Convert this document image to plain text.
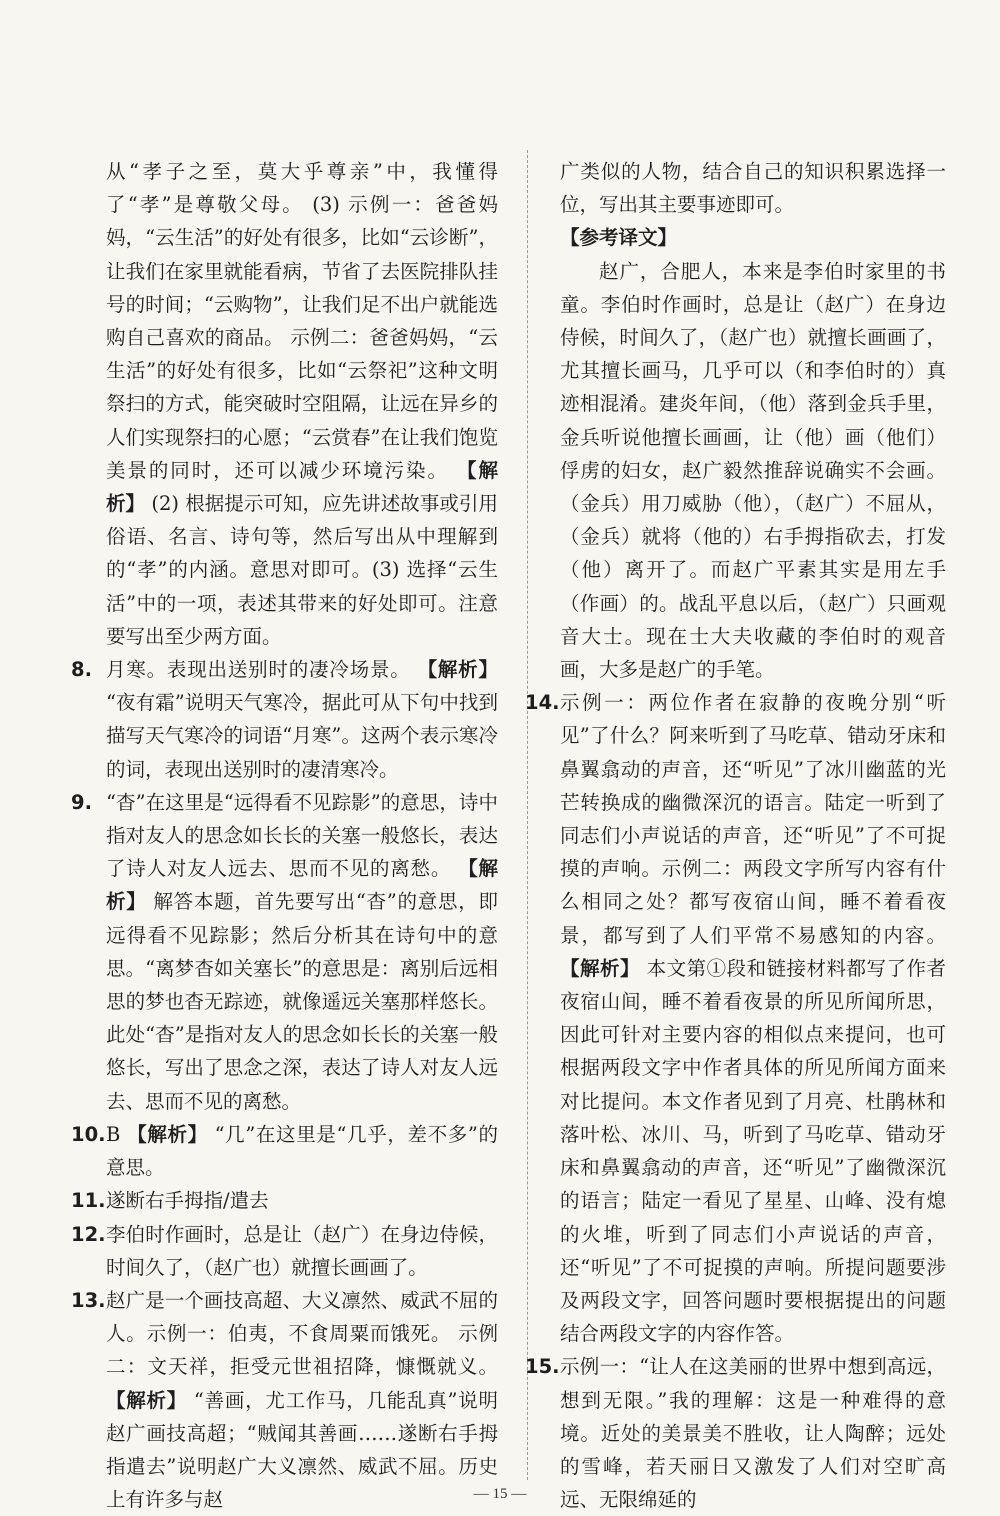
从“孝子之至，莫大乎尊亲”中，我懂得了“孝”是尊敬父母。 (3) 示例一：爸爸妈妈，“云生活”的好处有很多，比如“云诊断”，让我们在家里就能看病，节省了去医院排队挂号的时间；“云购物”，让我们足不出户就能选购自己喜欢的商品。 示例二：爸爸妈妈，“云生活”的好处有很多，比如“云祭祀”这种文明祭扫的方式，能突破时空阻隔，让远在异乡的人们实现祭扫的心愿；“云赏春”在让我们饱览美景的同时，还可以减少环境污染。 【解析】 (2) 根据提示可知，应先讲述故事或引用俗语、名言、诗句等，然后写出从中理解到的“孝”的内涵。意思对即可。(3) 选择“云生活”中的一项，表述其带来的好处即可。注意要写出至少两方面。

8. 月寒。表现出送别时的凄冷场景。 【解析】 “夜有霜”说明天气寒冷，据此可从下句中找到描写天气寒冷的词语“月寒”。这两个表示寒冷的词，表现出送别时的凄清寒冷。
9. “杳”在这里是“远得看不见踪影”的意思，诗中指对友人的思念如长长的关塞一般悠长，表达了诗人对友人远去、思而不见的离愁。 【解析】 解答本题，首先要写出“杳”的意思，即远得看不见踪影；然后分析其在诗句中的意思。“离梦杳如关塞长”的意思是：离别后远相思的梦也杳无踪迹，就像遥远关塞那样悠长。此处“杳”是指对友人的思念如长长的关塞一般悠长，写出了思念之深，表达了诗人对友人远去、思而不见的离愁。
10. B 【解析】 “几”在这里是“几乎，差不多”的意思。
11. 遂断右手拇指/遣去
12. 李伯时作画时，总是让（赵广）在身边侍候，时间久了，（赵广也）就擅长画画了。
13. 赵广是一个画技高超、大义凛然、威武不屈的人。示例一：伯夷，不食周粟而饿死。 示例二：文天祥，拒受元世祖招降，慷慨就义。 【解析】 “善画，尤工作马，几能乱真”说明赵广画技高超；“贼闻其善画……遂断右手拇指遣去”说明赵广大义凛然、威武不屈。历史上有许多与赵

广类似的人物，结合自己的知识积累选择一位，写出其主要事迹即可。

【参考译文】

赵广，合肥人，本来是李伯时家里的书童。李伯时作画时，总是让（赵广）在身边侍候，时间久了，（赵广也）就擅长画画了，尤其擅长画马，几乎可以（和李伯时的）真迹相混淆。建炎年间，（他）落到金兵手里，金兵听说他擅长画画，让（他）画（他们）俘虏的妇女，赵广毅然推辞说确实不会画。（金兵）用刀威胁（他），（赵广）不屈从，（金兵）就将（他的）右手拇指砍去，打发（他）离开了。而赵广平素其实是用左手（作画）的。战乱平息以后，（赵广）只画观音大士。现在士大夫收藏的李伯时的观音画，大多是赵广的手笔。

14. 示例一：两位作者在寂静的夜晚分别“听见”了什么？阿来听到了马吃草、错动牙床和鼻翼翕动的声音，还“听见”了冰川幽蓝的光芒转换成的幽微深沉的语言。陆定一听到了同志们小声说话的声音，还“听见”了不可捉摸的声响。示例二：两段文字所写内容有什么相同之处？都写夜宿山间，睡不着看夜景，都写到了人们平常不易感知的内容。 【解析】 本文第①段和链接材料都写了作者夜宿山间，睡不着看夜景的所见所闻所思，因此可针对主要内容的相似点来提问，也可根据两段文字中作者具体的所见所闻方面来对比提问。本文作者见到了月亮、杜鹃林和落叶松、冰川、马，听到了马吃草、错动牙床和鼻翼翕动的声音，还“听见”了幽微深沉的语言；陆定一看见了星星、山峰、没有熄的火堆，听到了同志们小声说话的声音，还“听见”了不可捉摸的声响。所提问题要涉及两段文字，回答问题时要根据提出的问题结合两段文字的内容作答。
15. 示例一：“让人在这美丽的世界中想到高远，想到无限。”我的理解：这是一种难得的意境。近处的美景美不胜收，让人陶醉；远处的雪峰，若天丽日又激发了人们对空旷高远、无限绵延的
— 15 —
